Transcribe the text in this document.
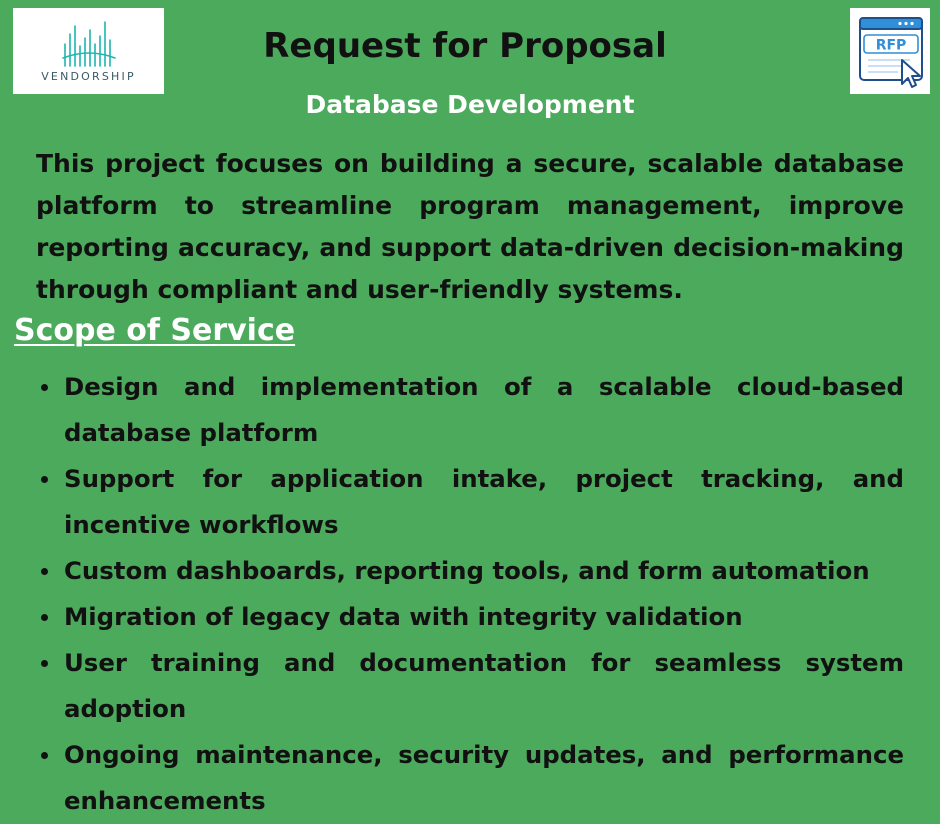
VENDORSHIP
RFP
Request for Proposal
Database Development

This project focuses on building a secure, scalable database platform to streamline program management, improve reporting accuracy, and support data-driven decision-making through compliant and user-friendly systems.

Scope of Service
Design and implementation of a scalable cloud-based database platform
Support for application intake, project tracking, and incentive workflows
Custom dashboards, reporting tools, and form automation
Migration of legacy data with integrity validation
User training and documentation for seamless system adoption
Ongoing maintenance, security updates, and performance enhancements
